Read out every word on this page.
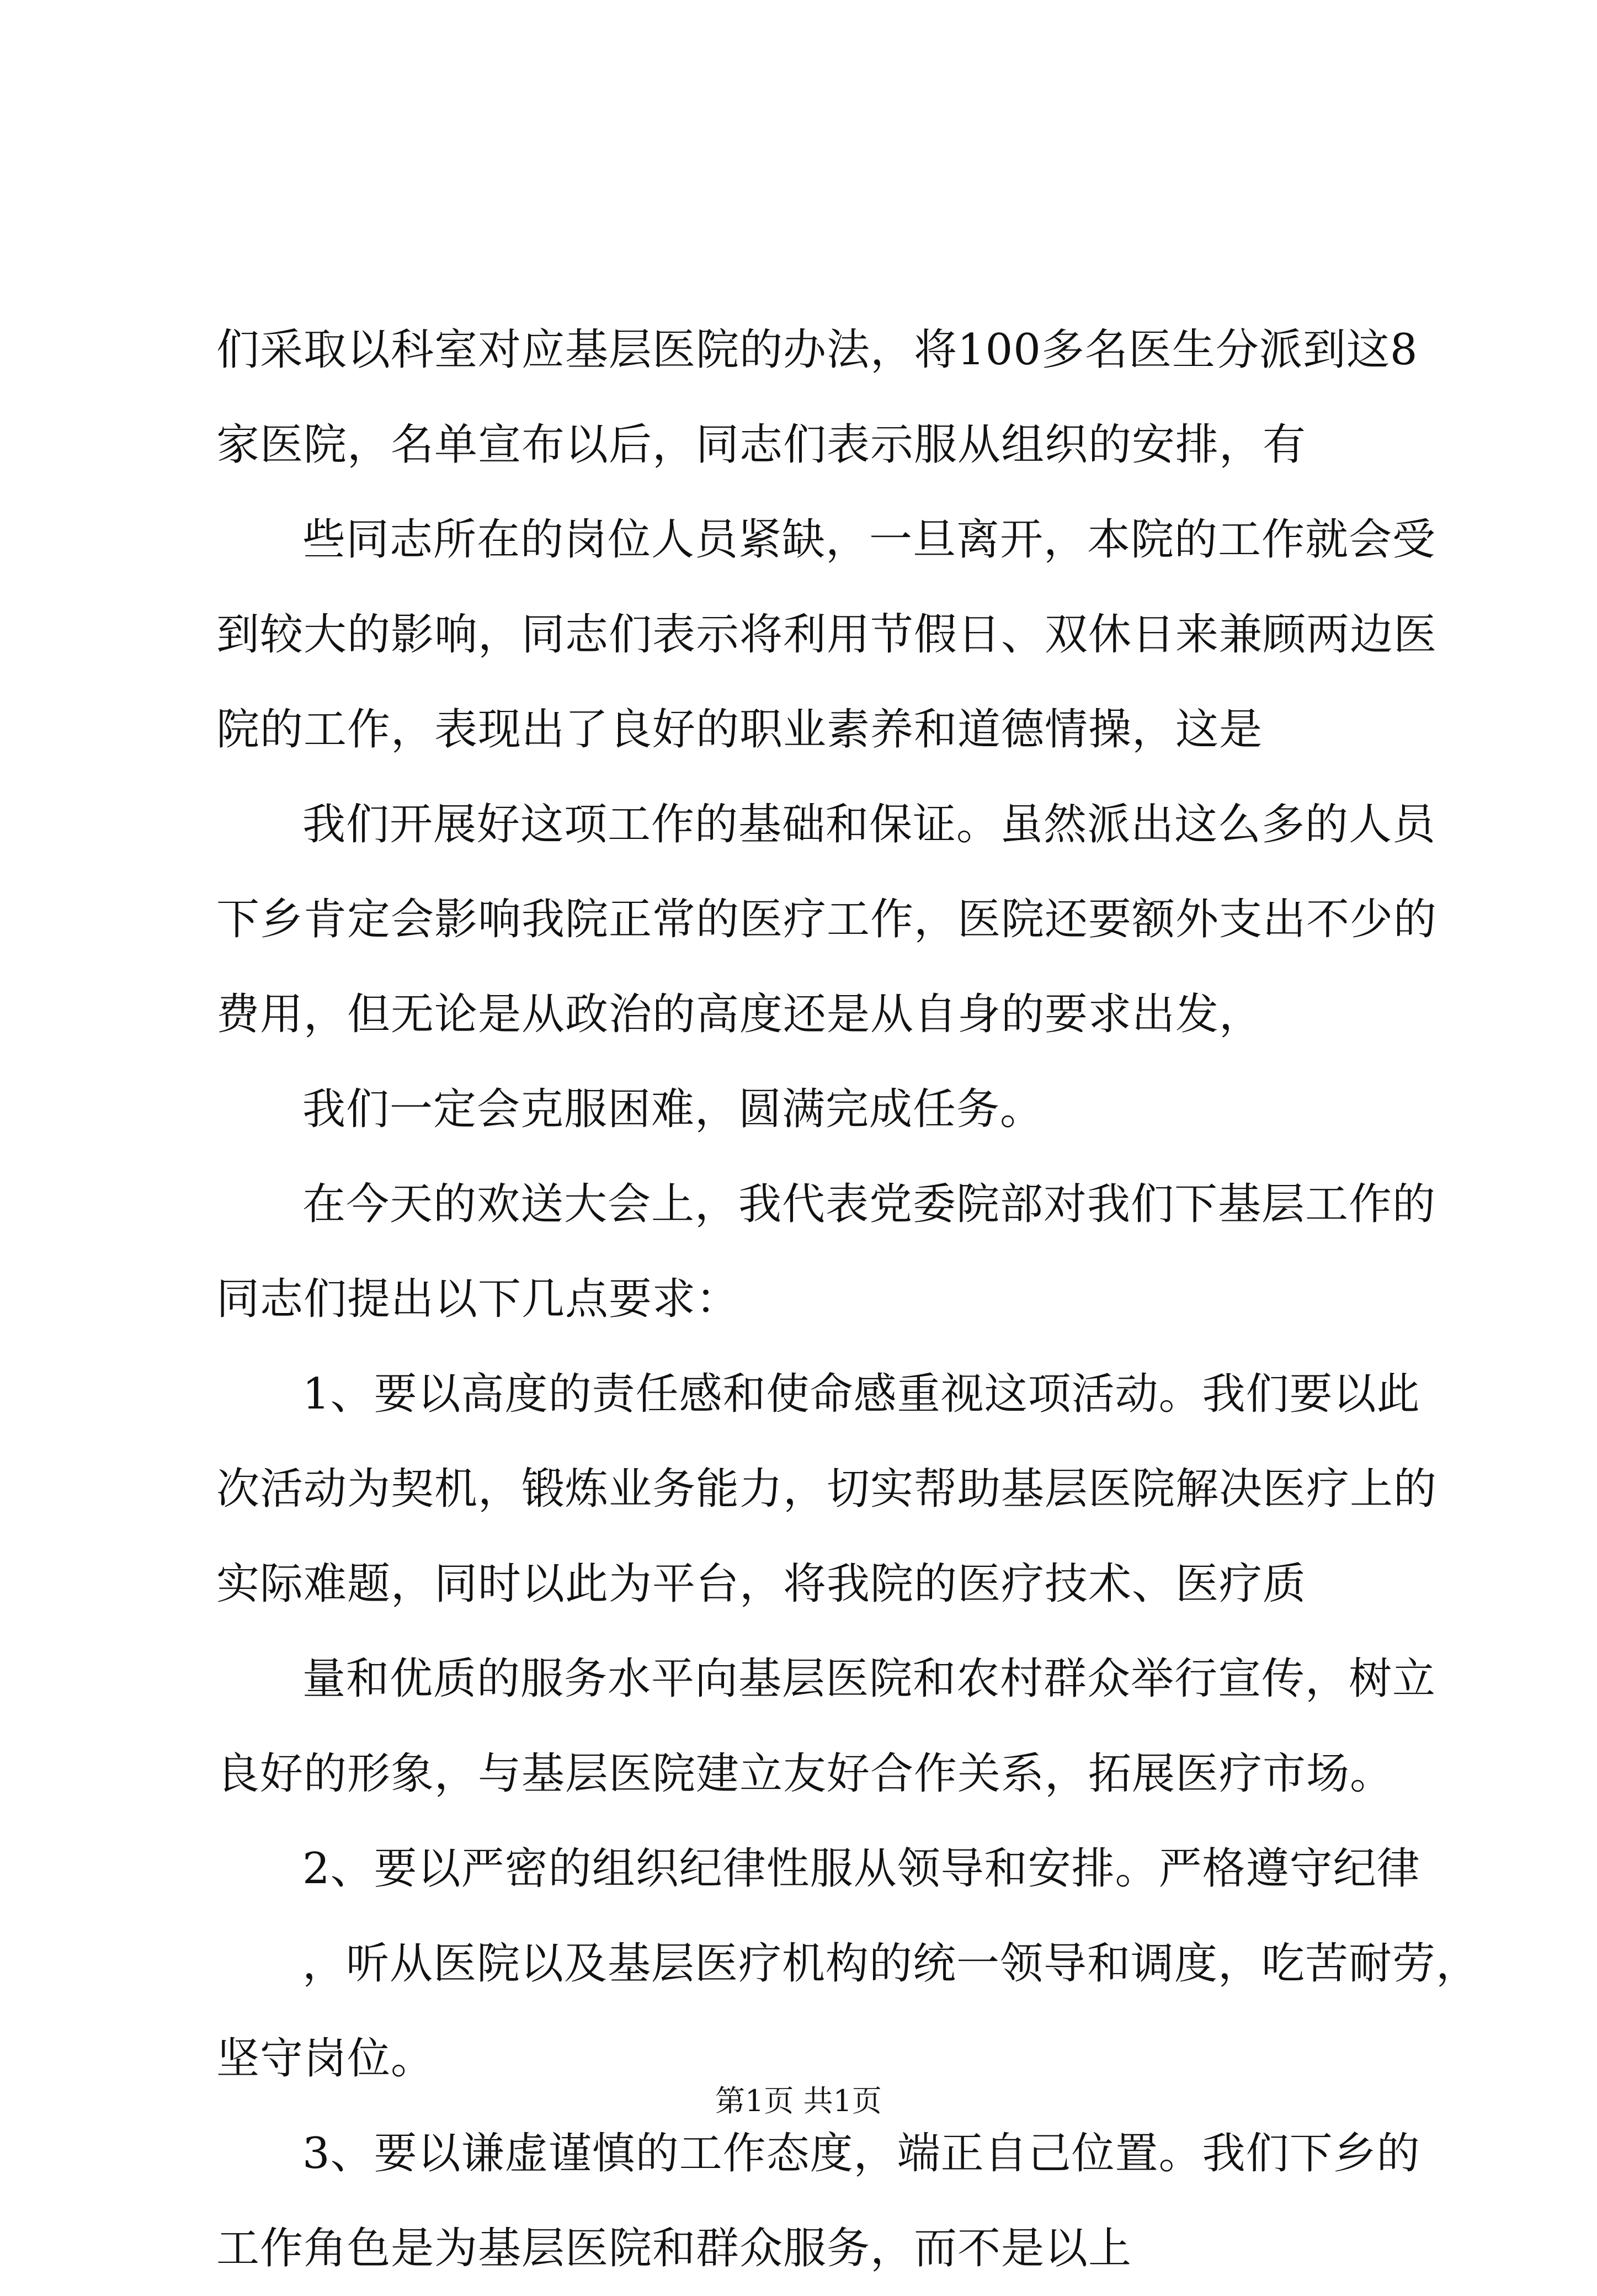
们采取以科室对应基层医院的办法，将100多名医生分派到这8
家医院，名单宣布以后，同志们表示服从组织的安排，有
些同志所在的岗位人员紧缺，一旦离开，本院的工作就会受
到较大的影响，同志们表示将利用节假日、双休日来兼顾两边医
院的工作，表现出了良好的职业素养和道德情操，这是
我们开展好这项工作的基础和保证。虽然派出这么多的人员
下乡肯定会影响我院正常的医疗工作，医院还要额外支出不少的
费用，但无论是从政治的高度还是从自身的要求出发，
我们一定会克服困难，圆满完成任务。
在今天的欢送大会上，我代表党委院部对我们下基层工作的
同志们提出以下几点要求：
1、要以高度的责任感和使命感重视这项活动。我们要以此
次活动为契机，锻炼业务能力，切实帮助基层医院解决医疗上的
实际难题，同时以此为平台，将我院的医疗技术、医疗质
量和优质的服务水平向基层医院和农村群众举行宣传，树立
良好的形象，与基层医院建立友好合作关系，拓展医疗市场。
2、要以严密的组织纪律性服从领导和安排。严格遵守纪律
，听从医院以及基层医疗机构的统一领导和调度，吃苦耐劳，
坚守岗位。
3、要以谦虚谨慎的工作态度，端正自己位置。我们下乡的
工作角色是为基层医院和群众服务，而不是以上
第1页 共1页
